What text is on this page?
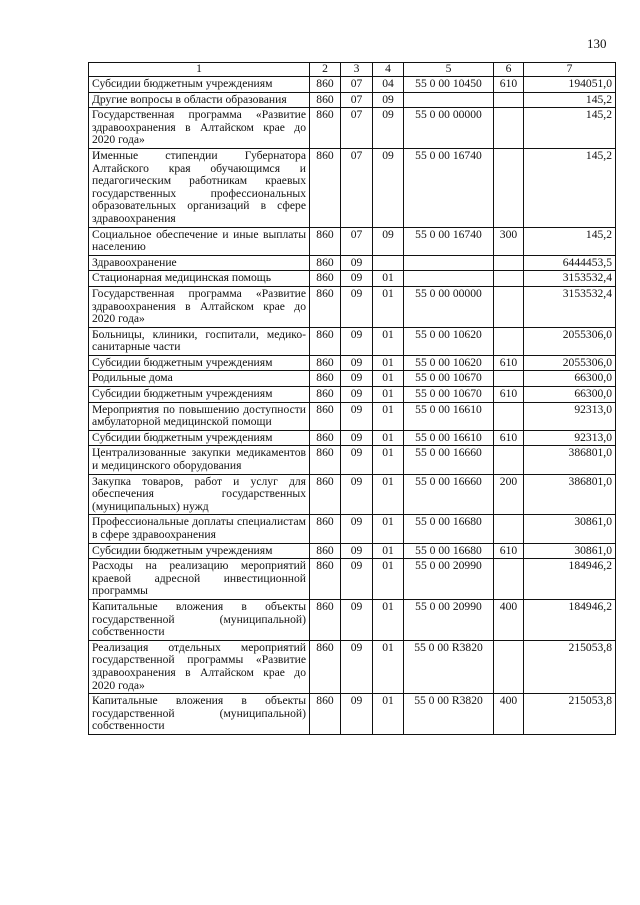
130
1	2	3	4	5	6	7
Субсидии бюджетным учреждениям	860	07	04	55 0 00 10450	610	194051,0
Другие вопросы в области образования	860	07	09			145,2
Государственная программа «Развитие здравоохранения в Алтайском крае до 2020 года»	860	07	09	55 0 00 00000		145,2
Именные стипендии Губернатора Алтайского края обучающимся и педагогическим работникам краевых государственных профессиональных образовательных организаций в сфере здравоохранения	860	07	09	55 0 00 16740		145,2
Социальное обеспечение и иные выплаты населению	860	07	09	55 0 00 16740	300	145,2
Здравоохранение	860	09				6444453,5
Стационарная медицинская помощь	860	09	01			3153532,4
Государственная программа «Развитие здравоохранения в Алтайском крае до 2020 года»	860	09	01	55 0 00 00000		3153532,4
Больницы, клиники, госпитали, медико-санитарные части	860	09	01	55 0 00 10620		2055306,0
Субсидии бюджетным учреждениям	860	09	01	55 0 00 10620	610	2055306,0
Родильные дома	860	09	01	55 0 00 10670		66300,0
Субсидии бюджетным учреждениям	860	09	01	55 0 00 10670	610	66300,0
Мероприятия по повышению доступности амбулаторной медицинской помощи	860	09	01	55 0 00 16610		92313,0
Субсидии бюджетным учреждениям	860	09	01	55 0 00 16610	610	92313,0
Централизованные закупки медикаментов и медицинского оборудования	860	09	01	55 0 00 16660		386801,0
Закупка товаров, работ и услуг для обеспечения государственных (муниципальных) нужд	860	09	01	55 0 00 16660	200	386801,0
Профессиональные доплаты специалистам в сфере здравоохранения	860	09	01	55 0 00 16680		30861,0
Субсидии бюджетным учреждениям	860	09	01	55 0 00 16680	610	30861,0
Расходы на реализацию мероприятий краевой адресной инвестиционной программы	860	09	01	55 0 00 20990		184946,2
Капитальные вложения в объекты государственной (муниципальной) собственности	860	09	01	55 0 00 20990	400	184946,2
Реализация отдельных мероприятий государственной программы «Развитие здравоохранения в Алтайском крае до 2020 года»	860	09	01	55 0 00 R3820		215053,8
Капитальные вложения в объекты государственной (муниципальной) собственности	860	09	01	55 0 00 R3820	400	215053,8
